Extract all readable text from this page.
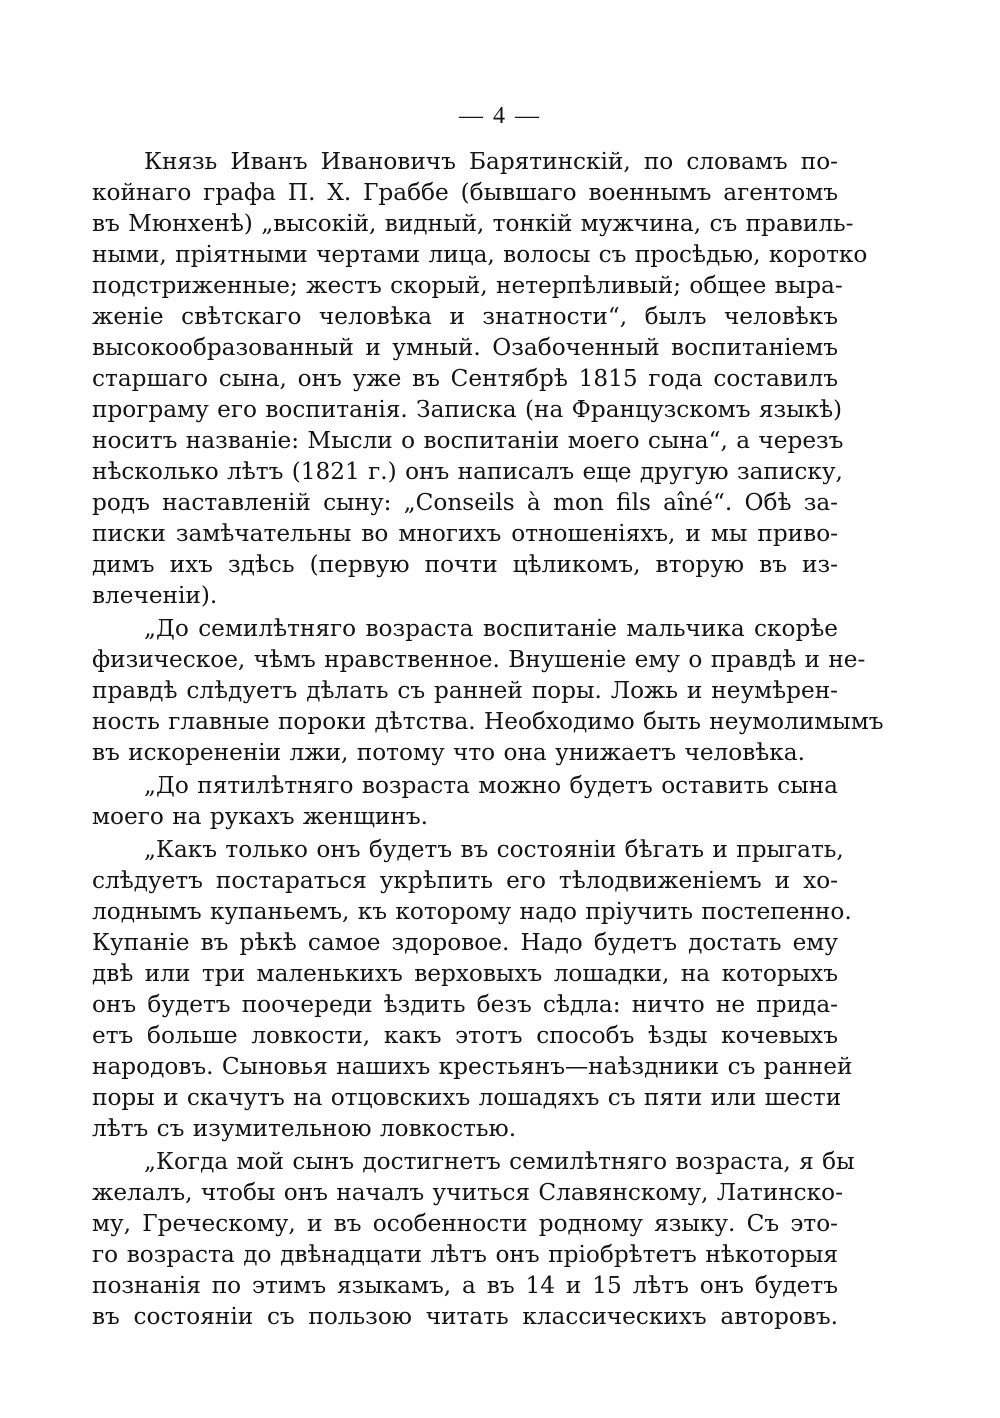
— 4 —
Князь Иванъ Ивановичъ Барятинскій, по словамъ по-
койнаго графа П. Х. Граббе (бывшаго военнымъ агентомъ
въ Мюнхенѣ) „высокій, видный, тонкій мужчина, съ правиль-
ными, пріятными чертами лица, волосы съ просѣдью, коротко
подстриженные; жестъ скорый, нетерпѣливый; общее выра-
женіе свѣтскаго человѣка и знатности“, былъ человѣкъ
высокообразованный и умный. Озабоченный воспитаніемъ
старшаго сына, онъ уже въ Сентябрѣ 1815 года составилъ
програму его воспитанія. Записка (на Французскомъ языкѣ)
носитъ названіе: Мысли о воспитаніи моего сына“, а черезъ
нѣсколько лѣтъ (1821 г.) онъ написалъ еще другую записку,
родъ наставленій сыну: „Conseils à mon fils aîné“. Обѣ за-
писки замѣчательны во многихъ отношеніяхъ, и мы приво-
димъ ихъ здѣсь (первую почти цѣликомъ, вторую въ из-
влеченіи).
„До семилѣтняго возраста воспитаніе мальчика скорѣе
физическое, чѣмъ нравственное. Внушеніе ему о правдѣ и не-
правдѣ слѣдуетъ дѣлать съ ранней поры. Ложь и неумѣрен-
ность главные пороки дѣтства. Необходимо быть неумолимымъ
въ искорененіи лжи, потому что она унижаетъ человѣка.
„До пятилѣтняго возраста можно будетъ оставить сына
моего на рукахъ женщинъ.
„Какъ только онъ будетъ въ состояніи бѣгать и прыгать,
слѣдуетъ постараться укрѣпить его тѣлодвиженіемъ и хо-
лоднымъ купаньемъ, къ которому надо пріучить постепенно.
Купаніе въ рѣкѣ самое здоровое. Надо будетъ достать ему
двѣ или три маленькихъ верховыхъ лошадки, на которыхъ
онъ будетъ поочереди ѣздить безъ сѣдла: ничто не прида-
етъ больше ловкости, какъ этотъ способъ ѣзды кочевыхъ
народовъ. Сыновья нашихъ крестьянъ—наѣздники съ ранней
поры и скачутъ на отцовскихъ лошадяхъ съ пяти или шести
лѣтъ съ изумительною ловкостью.
„Когда мой сынъ достигнетъ семилѣтняго возраста, я бы
желалъ, чтобы онъ началъ учиться Славянскому, Латинско-
му, Греческому, и въ особенности родному языку. Съ это-
го возраста до двѣнадцати лѣтъ онъ пріобрѣтетъ нѣкоторыя
познанія по этимъ языкамъ, а въ 14 и 15 лѣтъ онъ будетъ
въ состояніи съ пользою читать классическихъ авторовъ.
